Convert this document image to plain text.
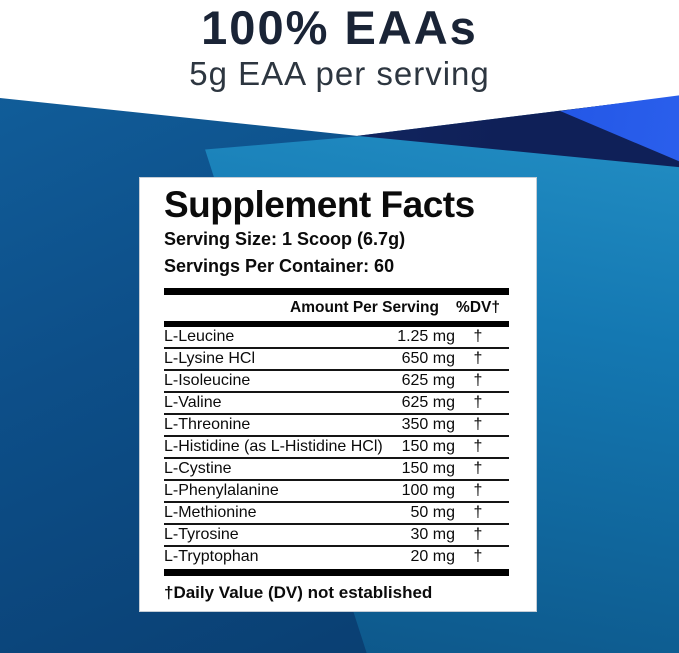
100% EAAs
5g EAA per serving
Supplement Facts
Serving Size: 1 Scoop (6.7g)
Servings Per Container: 60
Amount Per Serving %DV†
L-Leucine	1.25 mg	†
L-Lysine HCl	650 mg	†
L-Isoleucine	625 mg	†
L-Valine	625 mg	†
L-Threonine	350 mg	†
L-Histidine (as L-Histidine HCl)	150 mg	†
L-Cystine	150 mg	†
L-Phenylalanine	100 mg	†
L-Methionine	50 mg	†
L-Tyrosine	30 mg	†
L-Tryptophan	20 mg	†
†Daily Value (DV) not established
